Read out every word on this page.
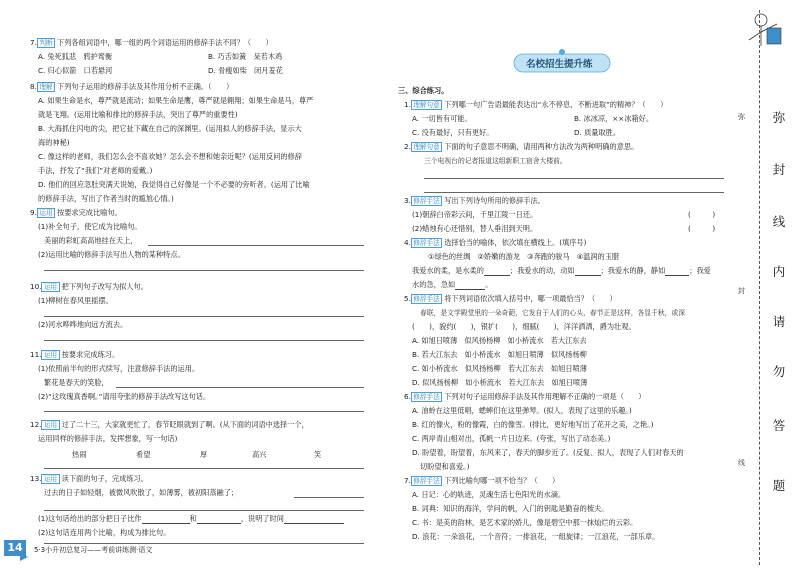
7. 判断 下列各组词语中，哪一组的两个词语运用的修辞手法不同？（　　）
A. 兔死狐悲　鸦护鸾衡	B. 巧舌如簧　呆若木鸡
C. 归心似箭　口若悬河	D. 骨瘦如柴　闭月羞花
8. 理解 下列句子运用的修辞手法及其作用分析不正确。（　　）
A. 如果生命是水，尊严就是流动；如果生命是鹰，尊严就是翱翔；如果生命是马，尊严
就是飞翔。(运用比喻和排比的修辞手法，突出了尊严的重要性)
B. 大海抓住闪电的尖，把它扯下藏在自己的深渊里。(运用拟人的修辞手法，显示大
海的神秘)
C. 像这样的老师，我们怎么会不喜欢她？怎么会不想和她亲近呢？(运用反问的修辞
手法，抒发了“我们”对老师的爱戴。)
D. 他们的回应忽肚突满天说她，我觉得自己好像是一个不必要的旁听者。(运用了比喻
的修辞手法，写出了作者当时的尴尬心情。)
9. 运用 按要求完成比喻句。
(1)补全句子，使它成为比喻句。
美丽的彩虹高高地挂在天上，
(2)运用比喻的修辞手法写出人物的某种特点。
10. 运用 把下列句子改写为拟人句。
(1)柳树在春风里摇摆。
(2)河水哗哗地向远方流去。
11. 运用 按要求完成练习。
(1)依照前半句的形式续写，注意修辞手法的运用。
繁花是春天的笑脸，
(2)“这玫瑰真香啊。”请用夸张的修辞手法改写这句话。
12. 运用 过了二十三，大家就更忙了，春节眨眼就到了啊。(从下面的词语中选择一个，
运用同样的修辞手法，发挥想象，写一句话)
热闹	希望	厚	高兴	笑
13. 运用 读下面的句子，完成练习。
过去的日子如轻烟，被微风吹散了，如薄雾，被初阳蒸融了；
(1)这句话给出的部分把日子比作	和	，说明了时间
(2)这句话连用两个比喻，构成为排比句。
14	5·3小升初总复习——考前讲练测·语文
名校招生提升练
三、综合练习。
1. 理解句意 下列哪一句广告语最能表达出“永不停息，不断进取”的精神？（　　）
A. 一切皆有可能。	B. 冰冰凉，××冰箱好。
C. 没有最好，只有更好。	D. 质量取胜。
2. 理解句意 下面的句子意思不明确，请用两种方法改为两种明确的意思。
三个电视台的记者报道这组新职工宿舍大楼前。
3. 修辞手法 写出下列诗句所用的修辞手法。
(1)朝辞白帝彩云间，千里江陵一日还。	(　　　)
(2)蜡烛有心还惜别，替人垂泪到天明。	(　　　)
4. 修辞手法 选择恰当的喻体，依次填在横线上。(填序号)
①绿色的丝绸　②娇嫩的游龙　③奔跑的骏马　④温润的玉腊
我爱水的柔，是水柔的	；我爱水的动，动如	；我爱水的静，静如	；我爱
水的急，急如	。
5. 修辞手法 将下列词语依次填入括号中，哪一项最恰当？（　　）
春联，是文学殿堂里的一朵奇葩，它发自于人们的心头，春节正是这样，各显千秋，或深
(　　)，貌约(　　)，银扩(　　)，细腻(　　)，洋洋洒洒，爵为壮观。
A. 如旭日喷薄　似风扬杨柳　如小桥流水　若大江东去
B. 若大江东去　如小桥流水　如旭日喷薄　似风扬杨柳
C. 如小桥流水　似风扬杨柳　若大江东去　如旭日喷薄
D. 似风扬杨柳　如小桥流水　若大江东去　如旭日喷薄
6. 修辞手法 下列对句子运用修辞手法及其作用理解不正确的一项是（　　）
A. 油蛉在这里低唱，蟋蟀们在这里弹琴。(拟人，表现了这里的乐趣。)
B. 红的像火，粉的像霞，白的像雪。(排比，更好地写出了花开之美，之艳。)
C. 两岸青山相对出，孤帆一片日边来。(夸张，写出了动态美。)
D. 盼望着，盼望着，东风来了，春天的脚步近了。(反复、拟人，表现了人们对春天的
切盼望和喜爱。)
7. 修辞手法 下列比喻句哪一项不恰当？（　　）
A. 日记：心的轨迹，灵魂生活七色阳光的水滴。
B. 词典：知识的海洋，学问的帆，入门的钥匙是勤奋的梳夫。
C. 书：是美的韵林，是艺术家的娇儿，像是碧空中那一抹灿烂的云彩。
D. 浪花：一朵浪花，一个音符；一排浪花，一组旋律；一江浪花，一部乐章。
弥
封
线
内
请
勿
答
题
弥
封
线
